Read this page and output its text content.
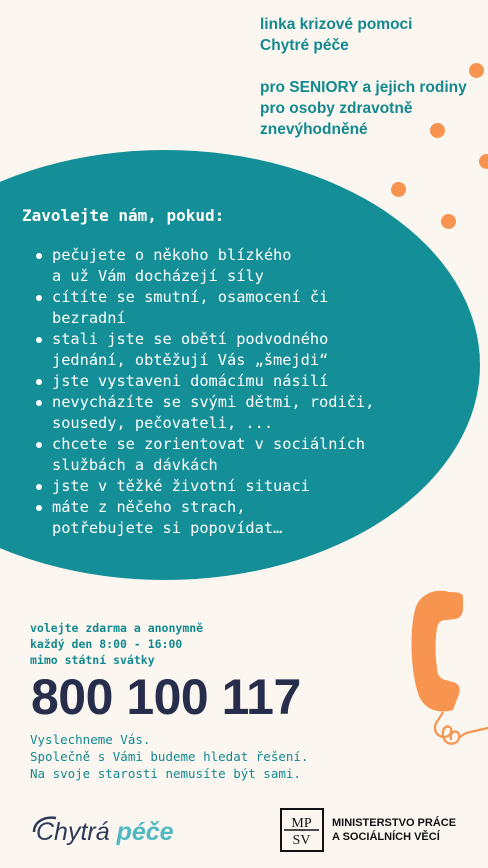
linka krizové pomoci

Chytré péče

pro SENIORY a jejich rodiny

pro osoby zdravotně

znevýhodněné

Zavolejte nám, pokud:

pečujete o někoho blízkého
a už Vám docházejí síly
cítíte se smutní, osamocení či
bezradní
stali jste se obětí podvodného
jednání, obtěžují Vás „šmejdi“
jste vystaveni domácímu násilí
nevycházíte se svými dětmi, rodiči,
sousedy, pečovateli, ...
chcete se zorientovat v sociálních
službách a dávkách
jste v těžké životní situaci
máte z něčeho strach,
potřebujete si popovídat…

volejte zdarma a anonymně

každý den 8:00 - 16:00

mimo státní svátky

800 100 117

Vyslechneme Vás.

Společně s Vámi budeme hledat řešení.

Na svoje starosti nemusíte být sami.

Chytrá péče	MP
SV

MINISTERSTVO PRÁCE

A SOCIÁLNÍCH VĚCÍ
